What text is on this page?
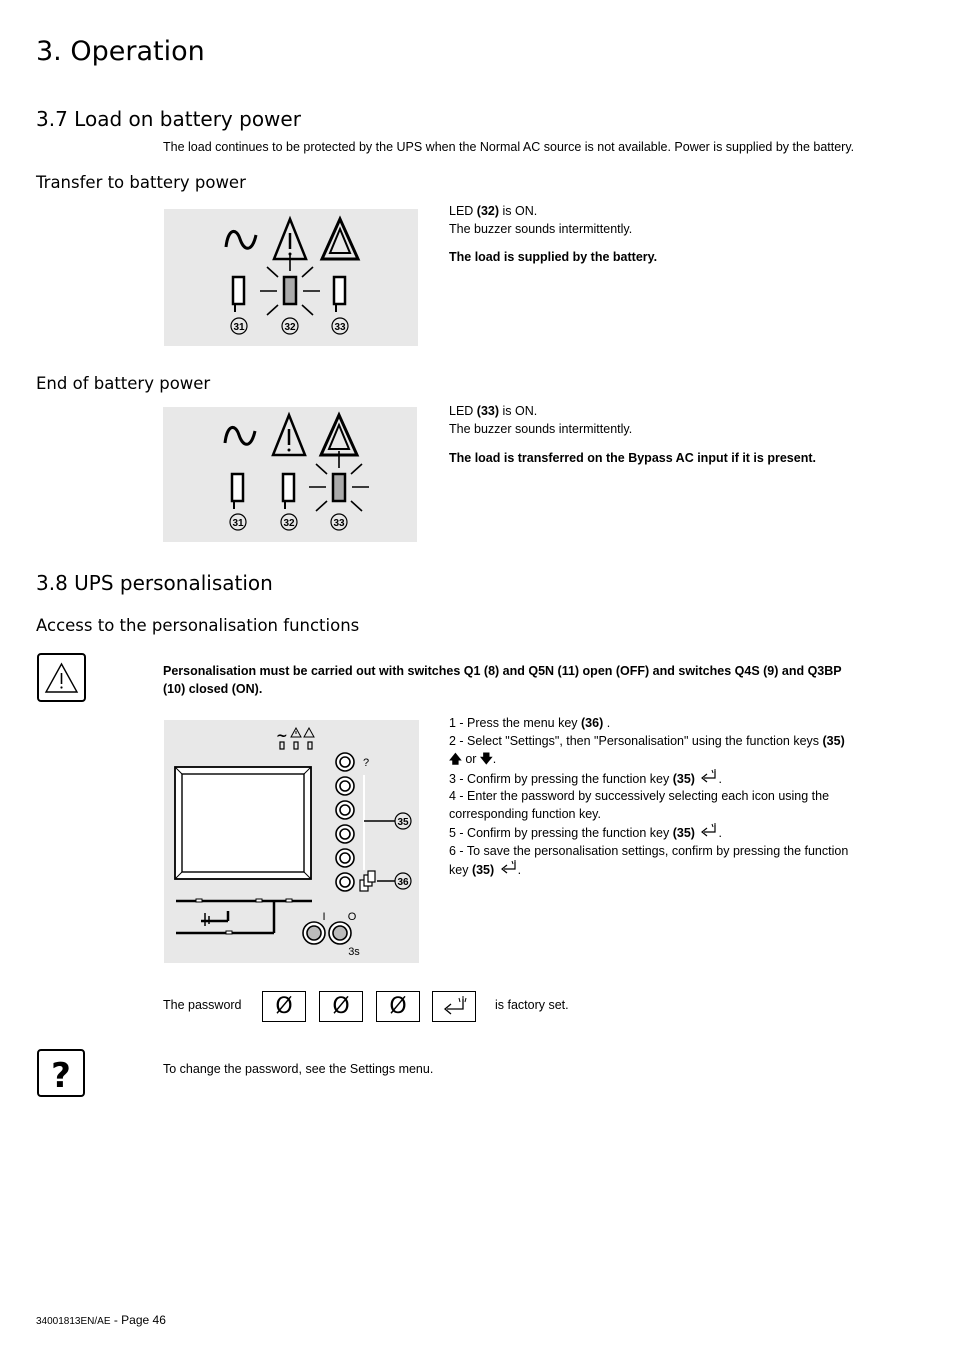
3. Operation
3.7 Load on battery power
The load continues to be protected by the UPS when the Normal AC source is not available. Power is supplied by the battery.
Transfer to battery power
31	32	33
LED (32) is ON.
The buzzer sounds intermittently.
The load is supplied by the battery.
End of battery power
31	32	33
LED (33) is ON.
The buzzer sounds intermittently.
The load is transferred on the Bypass AC input if it is present.
3.8 UPS personalisation
Access to the personalisation functions
Personalisation must be carried out with switches Q1 (8) and Q5N (11) open (OFF) and switches Q4S (9) and Q3BP
(10) closed (ON).
~
?
35
36
I O
3s
1 - Press the menu key (36) .
2 - Select "Settings", then "Personalisation" using the function keys (35)
🡅 or 🡇.
3 - Confirm by pressing the function key (35) .
4 - Enter the password by successively selecting each icon using the
corresponding function key.
5 - Confirm by pressing the function key (35) .
6 - To save the personalisation settings, confirm by pressing the function
key (35) .
The password	Ø	Ø	Ø	is factory set.
?	To change the password, see the Settings menu.
34001813EN/AE - Page 46
